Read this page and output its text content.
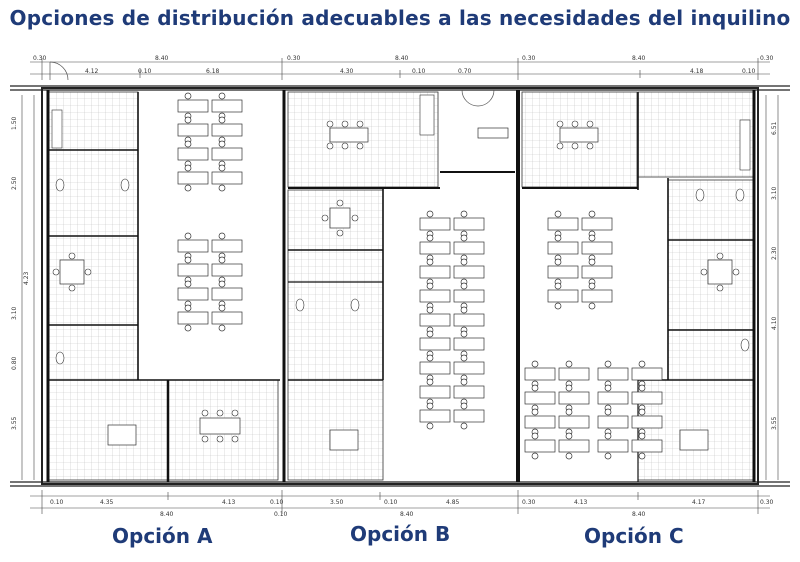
Opciones de distribución adecuables a las necesidades del inquilino
0.30	8.40	0.30	8.40	0.30	8.40	0.30
4.12	0.10	6.18	4.30	0.10	0.70	4.18	0.10
0.10	4.35	4.13	0.10	3.50	0.10	4.85	0.30	4.13	4.17	0.30
8.40	8.40	8.40
0.10
1.50
2.50
4.23
3.10
0.80
3.55
6.51
3.10
2.30
4.10
3.55
Opción A	Opción B	Opción C
